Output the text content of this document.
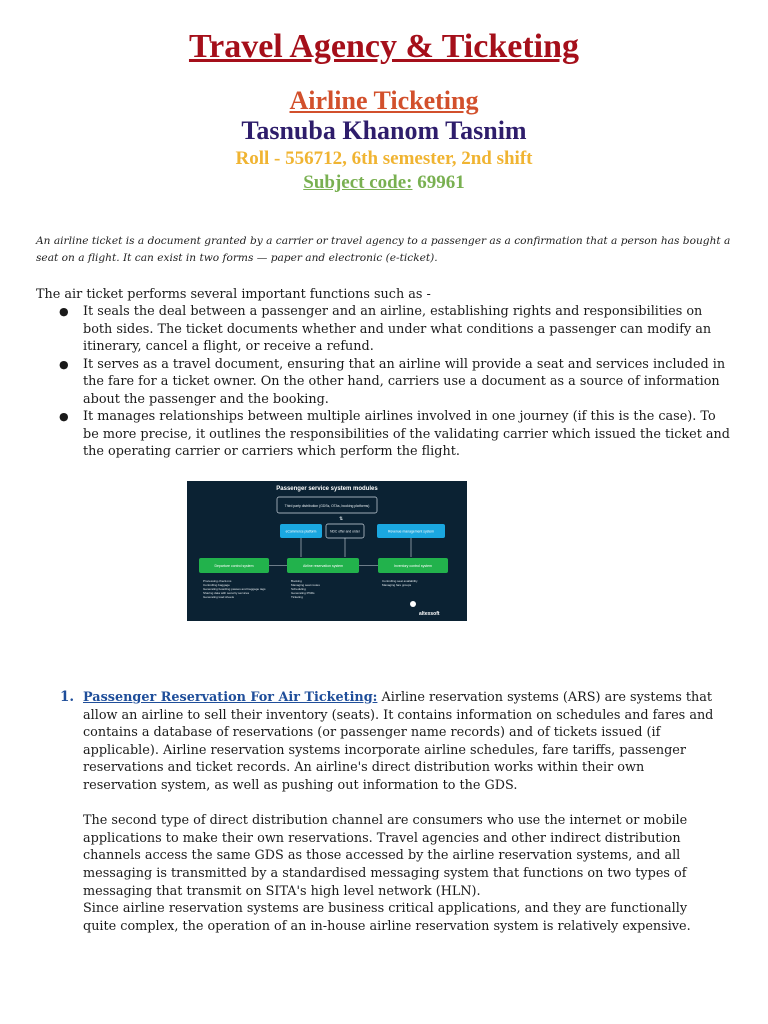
Travel Agency & Ticketing
Airline Ticketing
Tasnuba Khanom Tasnim
Roll - 556712, 6th semester, 2nd shift
Subject code: 69961

An airline ticket is a document granted by a carrier or travel agency to a passenger as a confirmation that a person has bought a seat on a flight. It can exist in two forms — paper and electronic (e-ticket).

The air ticket performs several important functions such as -

● It seals the deal between a passenger and an airline, establishing rights and responsibilities on both sides. The ticket documents whether and under what conditions a passenger can modify an itinerary, cancel a flight, or receive a refund.
● It serves as a travel document, ensuring that an airline will provide a seat and services included in the fare for a ticket owner. On the other hand, carriers use a document as a source of information about the passenger and the booking.
● It manages relationships between multiple airlines involved in one journey (if this is the case). To be more precise, it outlines the responsibilities of the validating carrier which issued the ticket and the operating carrier or carriers which perform the flight.
Passenger service system modules
Third party distribution (GDSs, OTAs, booking platforms)
⇅
eCommerce platform	NDC offer and order	Revenue management system
Departure control system	Airline reservation system	Inventory control system
Processing check-ins
Controlling baggage
Generating boarding passes and baggage tags
Sharing data with security services
Generating load sheets
Booking
Managing seat routes
Scheduling
Generating PNRs
Ticketing
Controlling seat availability
Managing fare groups
altexsoft
1. Passenger Reservation For Air Ticketing: Airline reservation systems (ARS) are systems that allow an airline to sell their inventory (seats). It contains information on schedules and fares and contains a database of reservations (or passenger name records) and of tickets issued (if applicable). Airline reservation systems incorporate airline schedules, fare tariffs, passenger reservations and ticket records. An airline's direct distribution works within their own reservation system, as well as pushing out information to the GDS.

The second type of direct distribution channel are consumers who use the internet or mobile applications to make their own reservations. Travel agencies and other indirect distribution channels access the same GDS as those accessed by the airline reservation systems, and all messaging is transmitted by a standardised messaging system that functions on two types of messaging that transmit on SITA's high level network (HLN).

Since airline reservation systems are business critical applications, and they are functionally quite complex, the operation of an in-house airline reservation system is relatively expensive.
